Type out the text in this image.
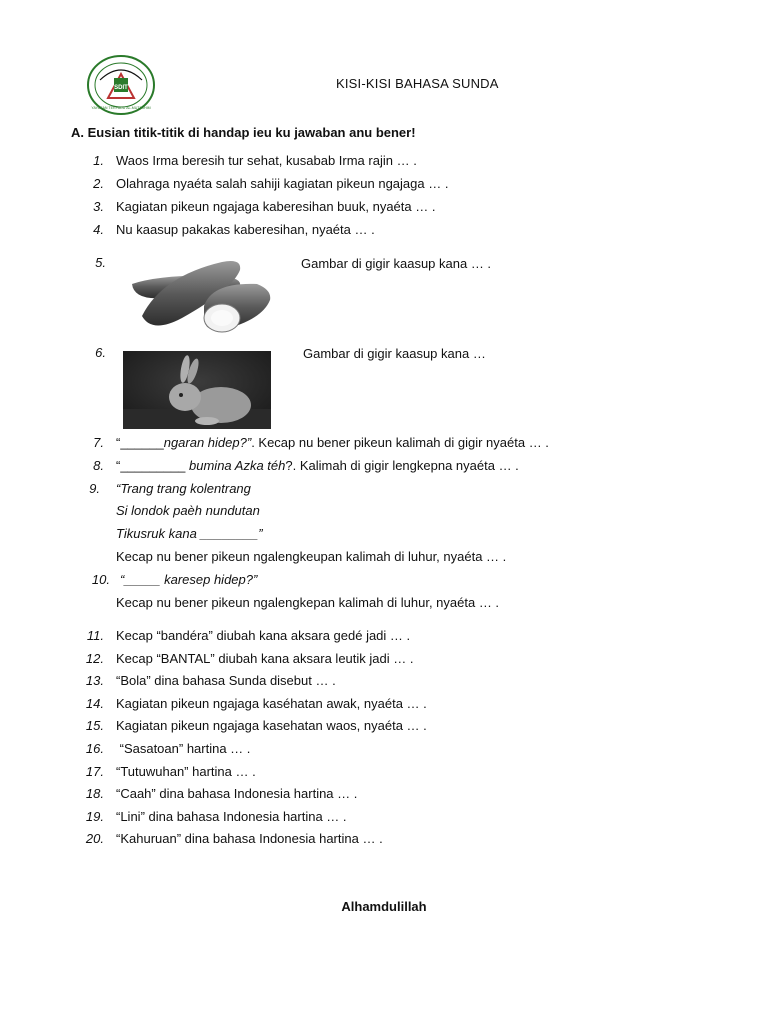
SDIT
YAYASAN TERPADU AL-MUTASHIM
KISI-KISI BAHASA SUNDA
A. Eusian titik-titik di handap ieu ku jawaban anu bener!
1. Waos Irma beresih tur sehat, kusabab Irma rajin … .
2. Olahraga nyaéta salah sahiji kagiatan pikeun ngajaga … .
3. Kagiatan pikeun ngajaga kaberesihan buuk, nyaéta … .
4. Nu kaasup pakakas kaberesihan, nyaéta … .
5.	Gambar di gigir kaasup kana … .
6.	Gambar di gigir kaasup kana …
7. “______ngaran hidep?”. Kecap nu bener pikeun kalimah di gigir nyaéta … .
8. “_________ bumina Azka téh?. Kalimah di gigir lengkepna nyaéta … .
9. “Trang trang kolentrang
Si londok paèh nundutan
Tikusruk kana ________”
Kecap nu bener pikeun ngalengkeupan kalimah di luhur, nyaéta … .
10. “_____ karesep hidep?”
Kecap nu bener pikeun ngalengkepan kalimah di luhur, nyaéta … .
11. Kecap “bandéra” diubah kana aksara gedé jadi … .
12. Kecap “BANTAL” diubah kana aksara leutik jadi … .
13. “Bola” dina bahasa Sunda disebut … .
14. Kagiatan pikeun ngajaga kaséhatan awak, nyaéta … .
15. Kagiatan pikeun ngajaga kasehatan waos, nyaéta … .
16. “Sasatoan” hartina … .
17. “Tutuwuhan” hartina … .
18. “Caah” dina bahasa Indonesia hartina … .
19. “Lini” dina bahasa Indonesia hartina … .
20. “Kahuruan” dina bahasa Indonesia hartina … .
Alhamdulillah
